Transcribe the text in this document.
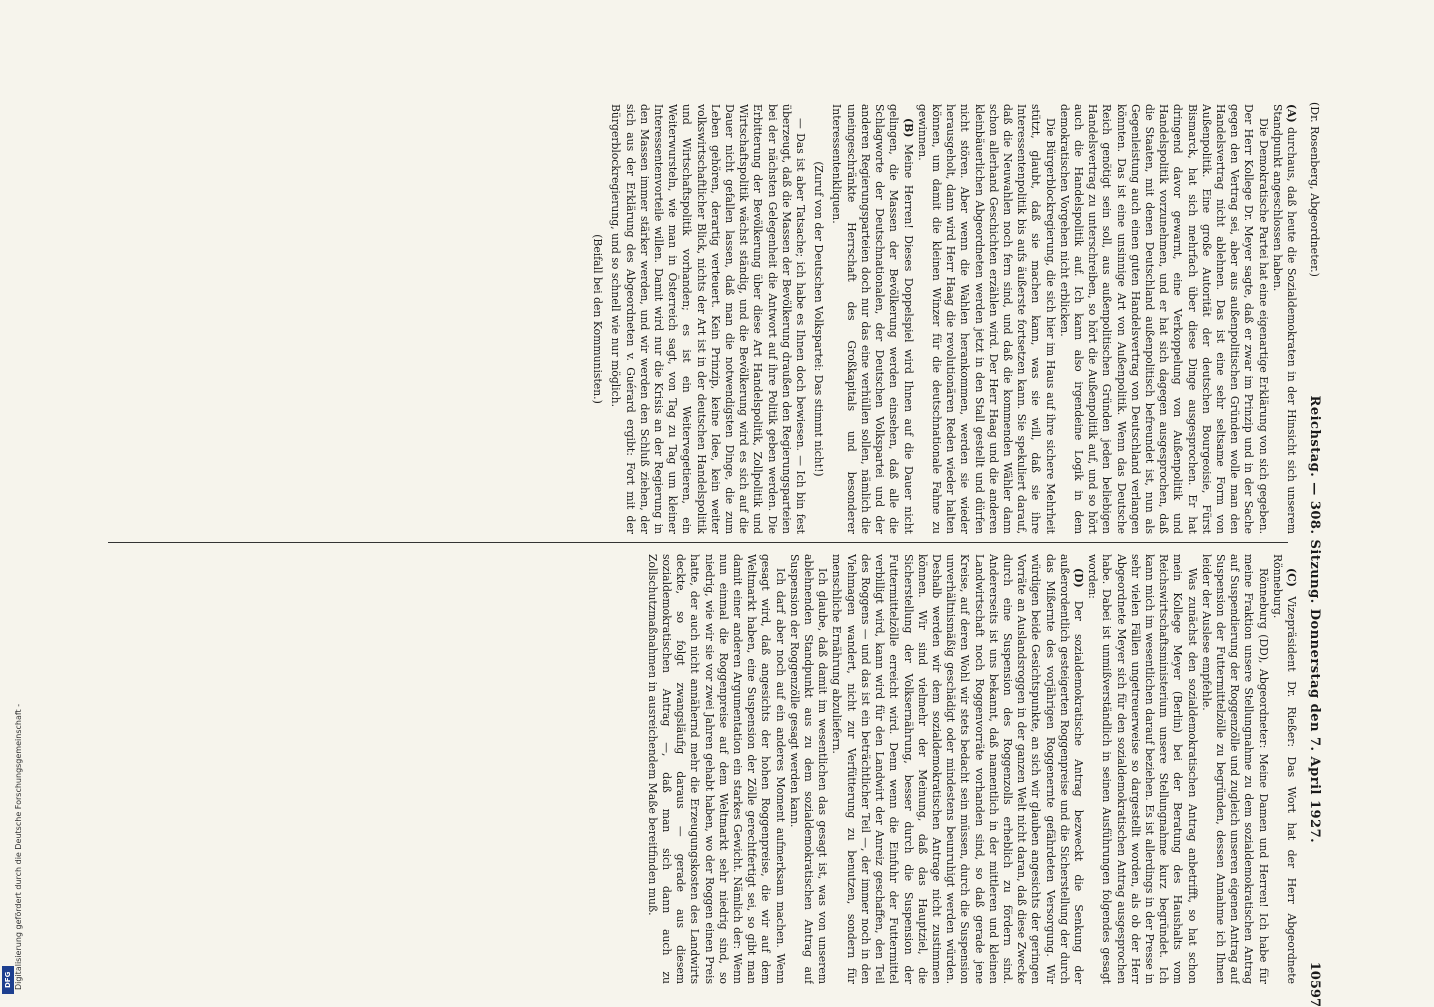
Digitalisierung gefördert durch die Deutsche Forschungsgemeinschaft -
DFG
(Dr. Rosenberg, Abgeordneter.)
Reichstag. — 308. Sitzung. Donnerstag den 7. April 1927.
10597

(A) durchaus, daß heute die Sozialdemokraten in der Hinsicht sich unserem Standpunkt angeschlossen haben.

Die Demokratische Partei hat eine eigenartige Erklärung von sich gegeben. Der Herr Kollege Dr. Meyer sagte, daß er zwar im Prinzip und in der Sache gegen den Vertrag sei, aber aus außenpolitischen Gründen wolle man den Handelsvertrag nicht ablehnen. Das ist eine sehr seltsame Form von Außenpolitik. Eine große Autorität der deutschen Bourgeoisie, Fürst Bismarck, hat sich mehrfach über diese Dinge ausgesprochen. Er hat dringend davor gewarnt, eine Verkoppelung von Außenpolitik und Handelspolitik vorzunehmen, und er hat sich dagegen ausgesprochen, daß die Staaten, mit denen Deutschland außenpolitisch befreundet ist, nun als Gegenleistung auch einen guten Handelsvertrag von Deutschland verlangen könnten. Das ist eine unsinnige Art von Außenpolitik. Wenn das Deutsche Reich genötigt sein soll, aus außenpolitischen Gründen jeden beliebigen Handelsvertrag zu unterschreiben, so hört die Außenpolitik auf, und so hört auch die Handelspolitik auf. Ich kann also irgendeine Logik in dem demokratischen Vorgehen nicht erblicken.

Die Bürgerblockregierung, die sich hier im Haus auf ihre sichere Mehrheit stützt, glaubt, daß sie machen kann, was sie will, daß sie ihre Interessentenpolitik bis aufs äußerste fortsetzen kann. Sie spekuliert darauf, daß die Neuwahlen noch fern sind, und daß die kommenden Wähler dann schon allerhand Geschichten erzählen wird. Der Herr Haag und die anderen kleinbäuerlichen Abgeordneten werden jetzt in den Stall gestellt und dürfen nicht stören. Aber wenn die Wahlen herankommen, werden sie wieder herausgeholt, dann wird Herr Haag die revolutionären Reden wieder halten können, um damit die kleinen Winzer für die deutschnationale Fahne zu gewinnen.

(B) Meine Herren! Dieses Doppelspiel wird Ihnen auf die Dauer nicht gelingen, die Massen der Bevölkerung werden einsehen, daß alle die Schlagworte der Deutschnationalen, der Deutschen Volkspartei und der anderen Regierungsparteien doch nur das eine verhüllen sollen, nämlich die uneingeschränkte Herrschaft des Großkapitals und besonderer Interessentenkliquen.

(Zuruf von der Deutschen Volkspartei: Das stimmt nicht!)

— Das ist aber Tatsache; ich habe es Ihnen doch bewiesen. — Ich bin fest überzeugt, daß die Massen der Bevölkerung draußen den Regierungsparteien bei der nächsten Gelegenheit die Antwort auf ihre Politik geben werden. Die Erbitterung der Bevölkerung über diese Art Handelspolitik, Zollpolitik und Wirtschaftspolitik wächst ständig, und die Bevölkerung wird es sich auf die Dauer nicht gefallen lassen, daß man die notwendigsten Dinge, die zum Leben gehören, derartig verteuert. Kein Prinzip, keine Idee, kein weiter volkswirtschaftlicher Blick, nichts der Art ist in der deutschen Handelspolitik und Wirtschaftspolitik vorhanden; es ist ein Weitervegetieren, ein Weiterwursteln, wie man in Österreich sagt, von Tag zu Tag um kleiner Interessentenvorteile willen. Damit wird nur die Krisis an der Regierung in den Massen immer stärker werden, und wir werden den Schluß ziehen, der sich aus der Erklärung des Abgeordneten v. Guérard ergibt: Fort mit der Bürgerblockregierung, und so schnell wie nur möglich.

(Beifall bei den Kommunisten.)

(C) Vizepräsident Dr. Rießer: Das Wort hat der Herr Abgeordnete Rönneburg.

Rönneburg (DD), Abgeordneter: Meine Damen und Herren! Ich habe für meine Fraktion unsere Stellungnahme zu dem sozialdemokratischen Antrag auf Suspendierung der Roggenzölle und zugleich unseren eigenen Antrag auf Suspension der Futtermittelzölle zu begründen, dessen Annahme ich Ihnen leider der Auslese empfehle.

Was zunächst den sozialdemokratischen Antrag anbetrifft, so hat schon mein Kollege Meyer (Berlin) bei der Beratung des Haushalts vom Reichswirtschaftsministerium unsere Stellungnahme kurz begründet. Ich kann mich im wesentlichen darauf beziehen. Es ist allerdings in der Presse in sehr vielen Fällen ungetreuerweise so dargestellt worden, als ob der Herr Abgeordnete Meyer sich für den sozialdemokratischen Antrag ausgesprochen habe. Dabei ist unmißverständlich in seinen Ausführungen folgendes gesagt worden:

(D) Der sozialdemokratische Antrag bezweckt die Senkung der außerordentlich gesteigerten Roggenpreise und die Sicherstellung der durch das Mißernte des vorjährigen Roggenernte gefährdeten Versorgung. Wir würdigen beide Gesichtspunkte, an sich wir glauben angesichts der geringen Vorräte an Auslandsroggen in der ganzen Welt nicht daran, daß diese Zwecke durch eine Suspension des Roggenzolls erheblich zu fördern sind. Andererseits ist uns bekannt, daß namentlich in der mittleren und kleinen Landwirtschaft noch Roggenvorräte vorhanden sind, so daß gerade jene Kreise, auf deren Wohl wir stets bedacht sein müssen, durch die Suspension unverhältnismäßig geschädigt oder mindestens beunruhigt werden würden. Deshalb werden wir dem sozialdemokratischen Antrage nicht zustimmen können. Wir sind vielmehr der Meinung, daß das Hauptziel, die Sicherstellung der Volksernährung, besser durch die Suspension der Futtermittelzölle erreicht wird. Denn wenn die Einfuhr der Futtermittel verbilligt wird, kann wird für den Landwirt der Anreiz geschaffen, den Teil des Roggens — und das ist ein beträchtlicher Teil —, der immer noch in den Viehmagen wandert, nicht zur Verfütterung zu benutzen, sondern für menschliche Ernährung abzuliefern.

Ich glaube, daß damit im wesentlichen das gesagt ist, was von unserem ablehnenden Standpunkt aus zu dem sozialdemokratischen Antrag auf Suspension der Roggenzölle gesagt werden kann.

Ich darf aber noch auf ein anderes Moment aufmerksam machen. Wenn gesagt wird, daß angesichts der hohen Roggenpreise, die wir auf dem Weltmarkt haben, eine Suspension der Zölle gerechtfertigt sei, so gibt man damit einer anderen Argumentation ein starkes Gewicht. Nämlich der: Wenn nun einmal die Roggenpreise auf dem Weltmarkt sehr niedrig sind, so niedrig, wie wir sie vor zwei Jahren gehabt haben, wo der Roggen einen Preis hatte, der auch nicht annähernd mehr die Erzeugungskosten des Landwirts deckte, so folgt zwangsläufig daraus — gerade aus diesem sozialdemokratischen Antrag —, daß man sich dann auch zu Zollschutzmaßnahmen in ausreichendem Maße bereitfinden muß.
